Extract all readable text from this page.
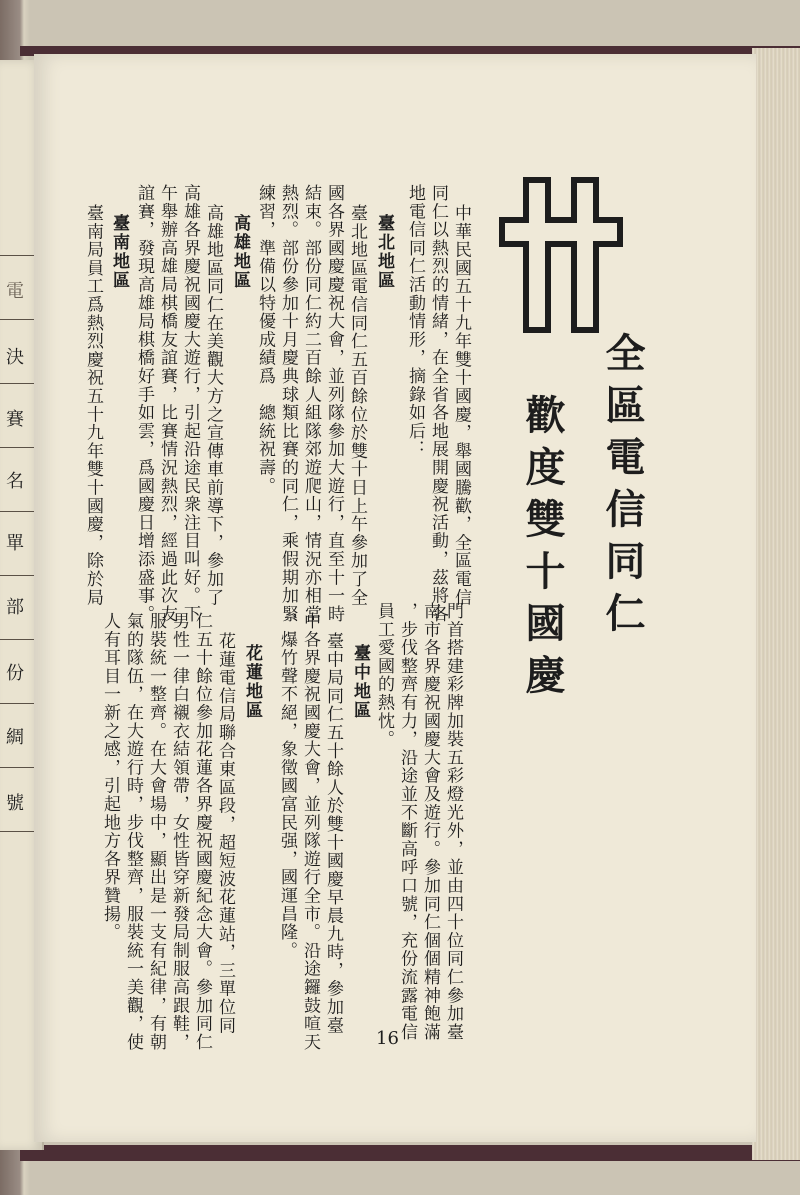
電
決
賽
名
單
部
份
綢
號
全區電信同仁
歡度雙十國慶
中華民國五十九年雙十國慶，舉國騰歡，全區電信
同仁以熱烈的情緒，在全省各地展開慶祝活動，茲將各
地電信同仁活動情形，摘錄如后：
臺北地區
臺北地區電信同仁五百餘位於雙十日上午參加了全
國各界國慶慶祝大會，並列隊參加大遊行，直至十一時
結束。部份同仁約二百餘人組隊郊遊爬山，情況亦相當
熱烈。部份參加十月慶典球類比賽的同仁，乘假期加緊
練習，準備以特優成績爲　總統祝壽。
高雄地區
高雄地區同仁在美觀大方之宣傳車前導下，參加了
高雄各界慶祝國慶大遊行，引起沿途民衆注目叫好。下
午舉辦高雄局棋橋友誼賽，比賽情況熱烈，經過此次友
誼賽，發現高雄局棋橋好手如雲，爲國慶日增添盛事。
臺南地區
臺南局員工爲熱烈慶祝五十九年雙十國慶，除於局
門首搭建彩牌加裝五彩燈光外，並由四十位同仁參加臺
南市各界慶祝國慶大會及遊行。參加同仁個個精神飽滿
，步伐整齊有力，沿途並不斷高呼口號，充份流露電信
員工愛國的熱忱。
臺中地區
臺中局同仁五十餘人於雙十國慶早晨九時，參加臺
中各界慶祝國慶大會，並列隊遊行全市。沿途鑼鼓喧天
，爆竹聲不絕，象徵國富民强，國運昌隆。
花蓮地區
花蓮電信局聯合東區段，超短波花蓮站，三單位同
仁五十餘位參加花蓮各界慶祝國慶紀念大會。參加同仁
男性一律白襯衣結領帶，女性皆穿新發局制服高跟鞋，
服裝統一整齊。在大會場中，顯出是一支有紀律，有朝
氣的隊伍，在大遊行時，步伐整齊，服裝統一美觀，使
人有耳目一新之感，引起地方各界贊揚。
16
